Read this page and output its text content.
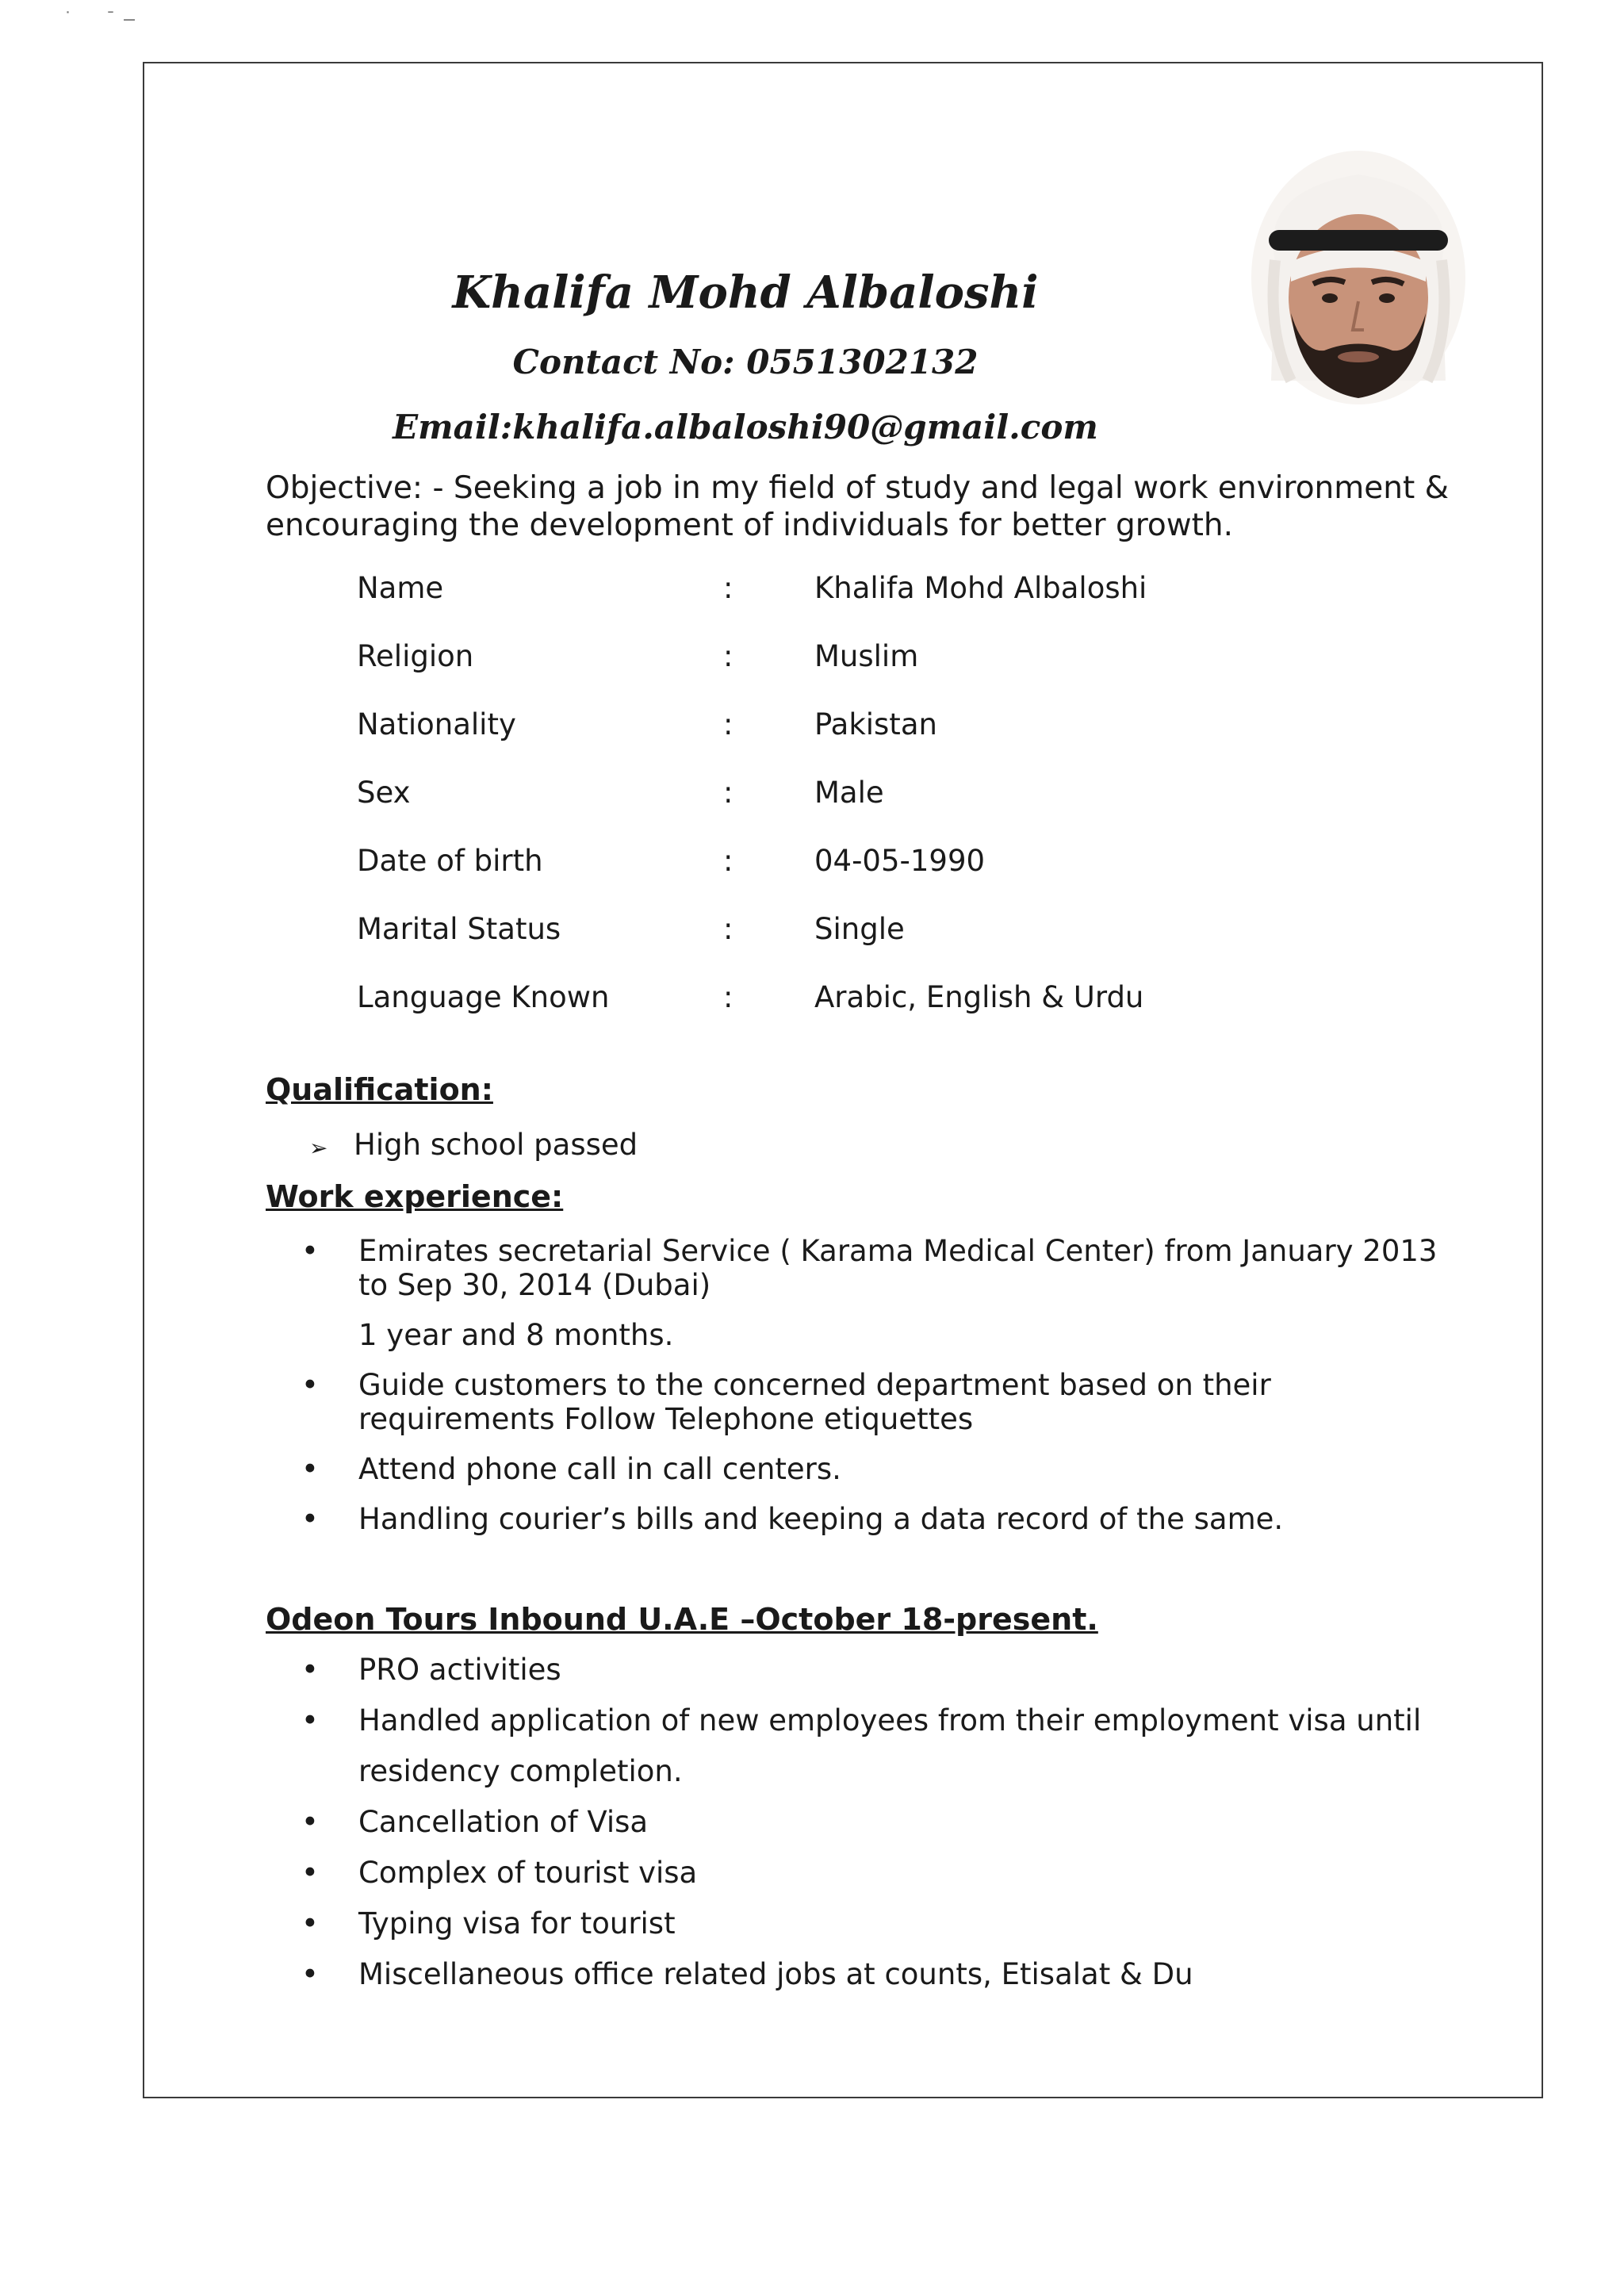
˙ ˉ ̶
Khalifa Mohd Albaloshi
Contact No: 0551302132
Email:khalifa.albaloshi90@gmail.com
Objective: - Seeking a job in my field of study and legal work environment & encouraging the development of individuals for better growth.
Name	:	Khalifa Mohd Albaloshi
Religion	:	Muslim
Nationality	:	Pakistan
Sex	:	Male
Date of birth	:	04-05-1990
Marital Status	:	Single
Language Known	:	Arabic, English & Urdu
Qualification:
➢ High school passed
Work experience:
•	Emirates secretarial Service ( Karama Medical Center) from January 2013 to Sep 30, 2014 (Dubai)
1 year and 8 months.
•	Guide customers to the concerned department based on their requirements Follow Telephone etiquettes
•	Attend phone call in call centers.
•	Handling courier’s bills and keeping a data record of the same.
Odeon Tours Inbound U.A.E –October 18-present.
•	PRO activities
•	Handled application of new employees from their employment visa until residency completion.
•	Cancellation of Visa
•	Complex of tourist visa
•	Typing visa for tourist
•	Miscellaneous office related jobs at counts, Etisalat & Du
